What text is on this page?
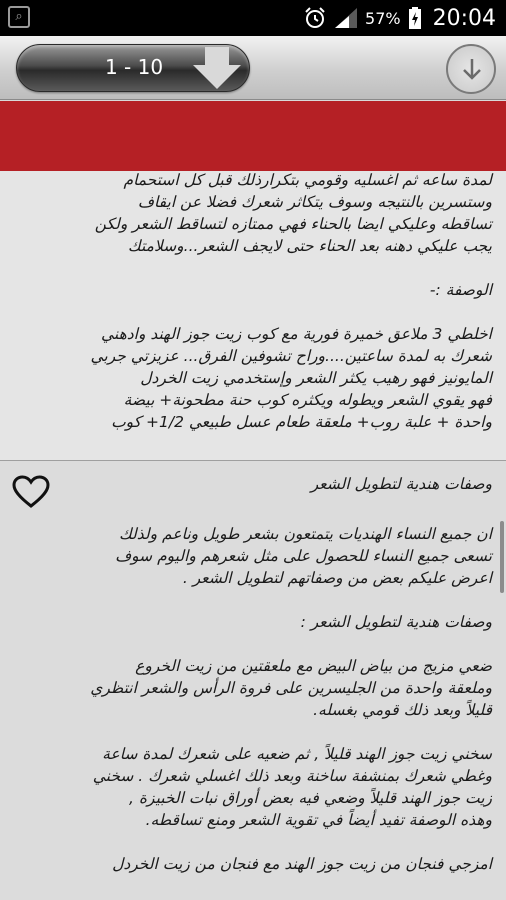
⌕	57% 20:04
1 - 10

لمدة ساعه ثم اغسليه وقومي بتكرارذلك قبل كل استحمام
وستسرين بالنتيجه وسوف يتكاثر شعرك فضلا عن ايقاف
تساقطه وعليكي ايضا بالحناء فهي ممتازه لتساقط الشعر ولكن
يجب عليكي دهنه بعد الحناء حتى لايجف الشعر...وسلامتك

الوصفة :-

اخلطي 3 ملاعق خميرة فورية مع كوب زيت جوز الهند وادهني
شعرك به لمدة ساعتين....وراح تشوفين الفرق... عزيزتي جربي
المايونيز فهو رهيب يكثر الشعر وإستخدمي زيت الخردل
فهو يقوي الشعر ويطوله ويكثره كوب حنة مطحونة+ بيضة
واحدة + علبة روب+ ملعقة طعام عسل طبيعي 1/2+ كوب

وصفات هندية لتطويل الشعر

ان جميع النساء الهنديات يتمتعون بشعر طويل وناعم ولذلك
تسعى جميع النساء للحصول على مثل شعرهم واليوم سوف
اعرض عليكم بعض من وصفاتهم لتطويل الشعر .

وصفات هندية لتطويل الشعر :

ضعي مزيج من بياض البيض مع ملعقتين من زيت الخروع
وملعقة واحدة من الجليسرين على فروة الرأس والشعر انتظري
قليلاً وبعد ذلك قومي بغسله.

سخني زيت جوز الهند قليلاً , ثم ضعيه على شعرك لمدة ساعة
وغطي شعرك بمنشفة ساخنة وبعد ذلك اغسلي شعرك . سخني
زيت جوز الهند قليلاً وضعي فيه بعض أوراق نبات الخبيزة ,
وهذه الوصفة تفيد أيضاً في تقوية الشعر ومنع تساقطه.

امزجي فنجان من زيت جوز الهند مع فنجان من زيت الخردل
